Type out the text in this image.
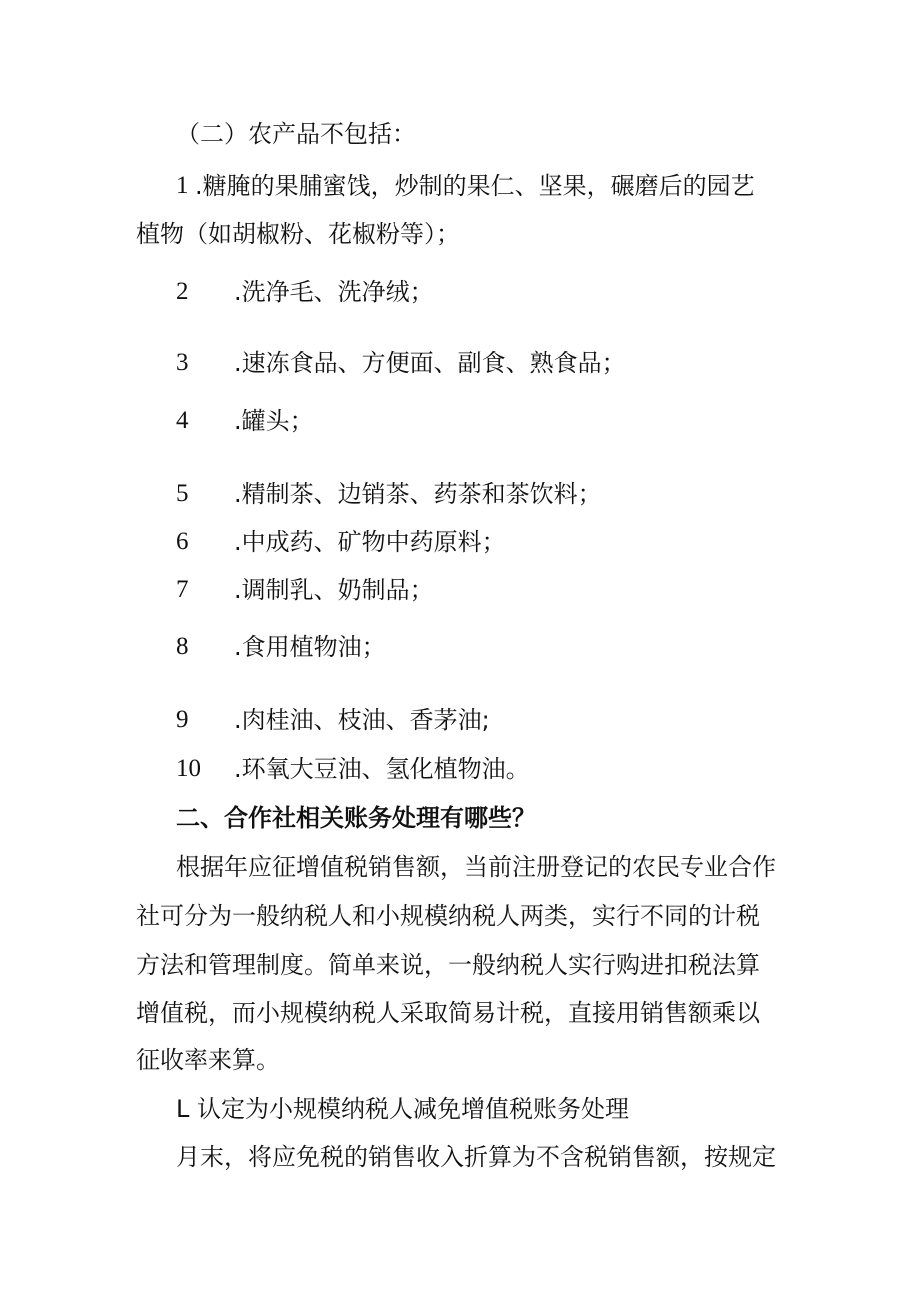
（二）农产品不包括：
1 .糖腌的果脯蜜饯，炒制的果仁、坚果，碾磨后的园艺
植物（如胡椒粉、花椒粉等）；
2 .洗净毛、洗净绒；
3 .速冻食品、方便面、副食、熟食品；
4 .罐头；
5 .精制茶、边销茶、药茶和茶饮料；
6 .中成药、矿物中药原料；
7 .调制乳、奶制品；
8 .食用植物油；
9 .肉桂油、枝油、香茅油;
10 .环氧大豆油、氢化植物油。
二、合作社相关账务处理有哪些？
根据年应征增值税销售额，当前注册登记的农民专业合作
社可分为一般纳税人和小规模纳税人两类，实行不同的计税
方法和管理制度。简单来说，一般纳税人实行购进扣税法算
增值税，而小规模纳税人采取简易计税，直接用销售额乘以
征收率来算。
L 认定为小规模纳税人减免增值税账务处理
月末，将应免税的销售收入折算为不含税销售额，按规定
